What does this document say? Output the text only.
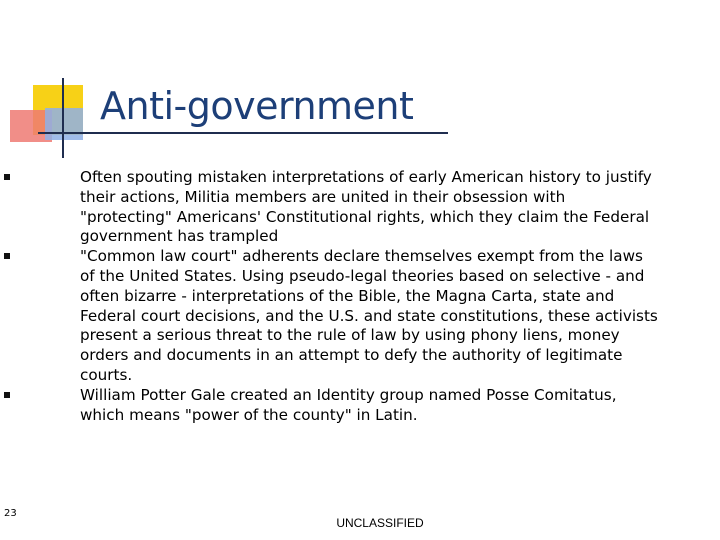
Anti-government
Often spouting mistaken interpretations of early American history to justify their actions, Militia members are united in their obsession with "protecting" Americans' Constitutional rights, which they claim the Federal government has trampled
"Common law court" adherents declare themselves exempt from the laws of the United States. Using pseudo-legal theories based on selective - and often bizarre - interpretations of the Bible, the Magna Carta, state and Federal court decisions, and the U.S. and state constitutions, these activists present a serious threat to the rule of law by using phony liens, money orders and documents in an attempt to defy the authority of legitimate courts.
William Potter Gale created an Identity group named Posse Comitatus, which means "power of the county" in Latin.
23
UNCLASSIFIED
